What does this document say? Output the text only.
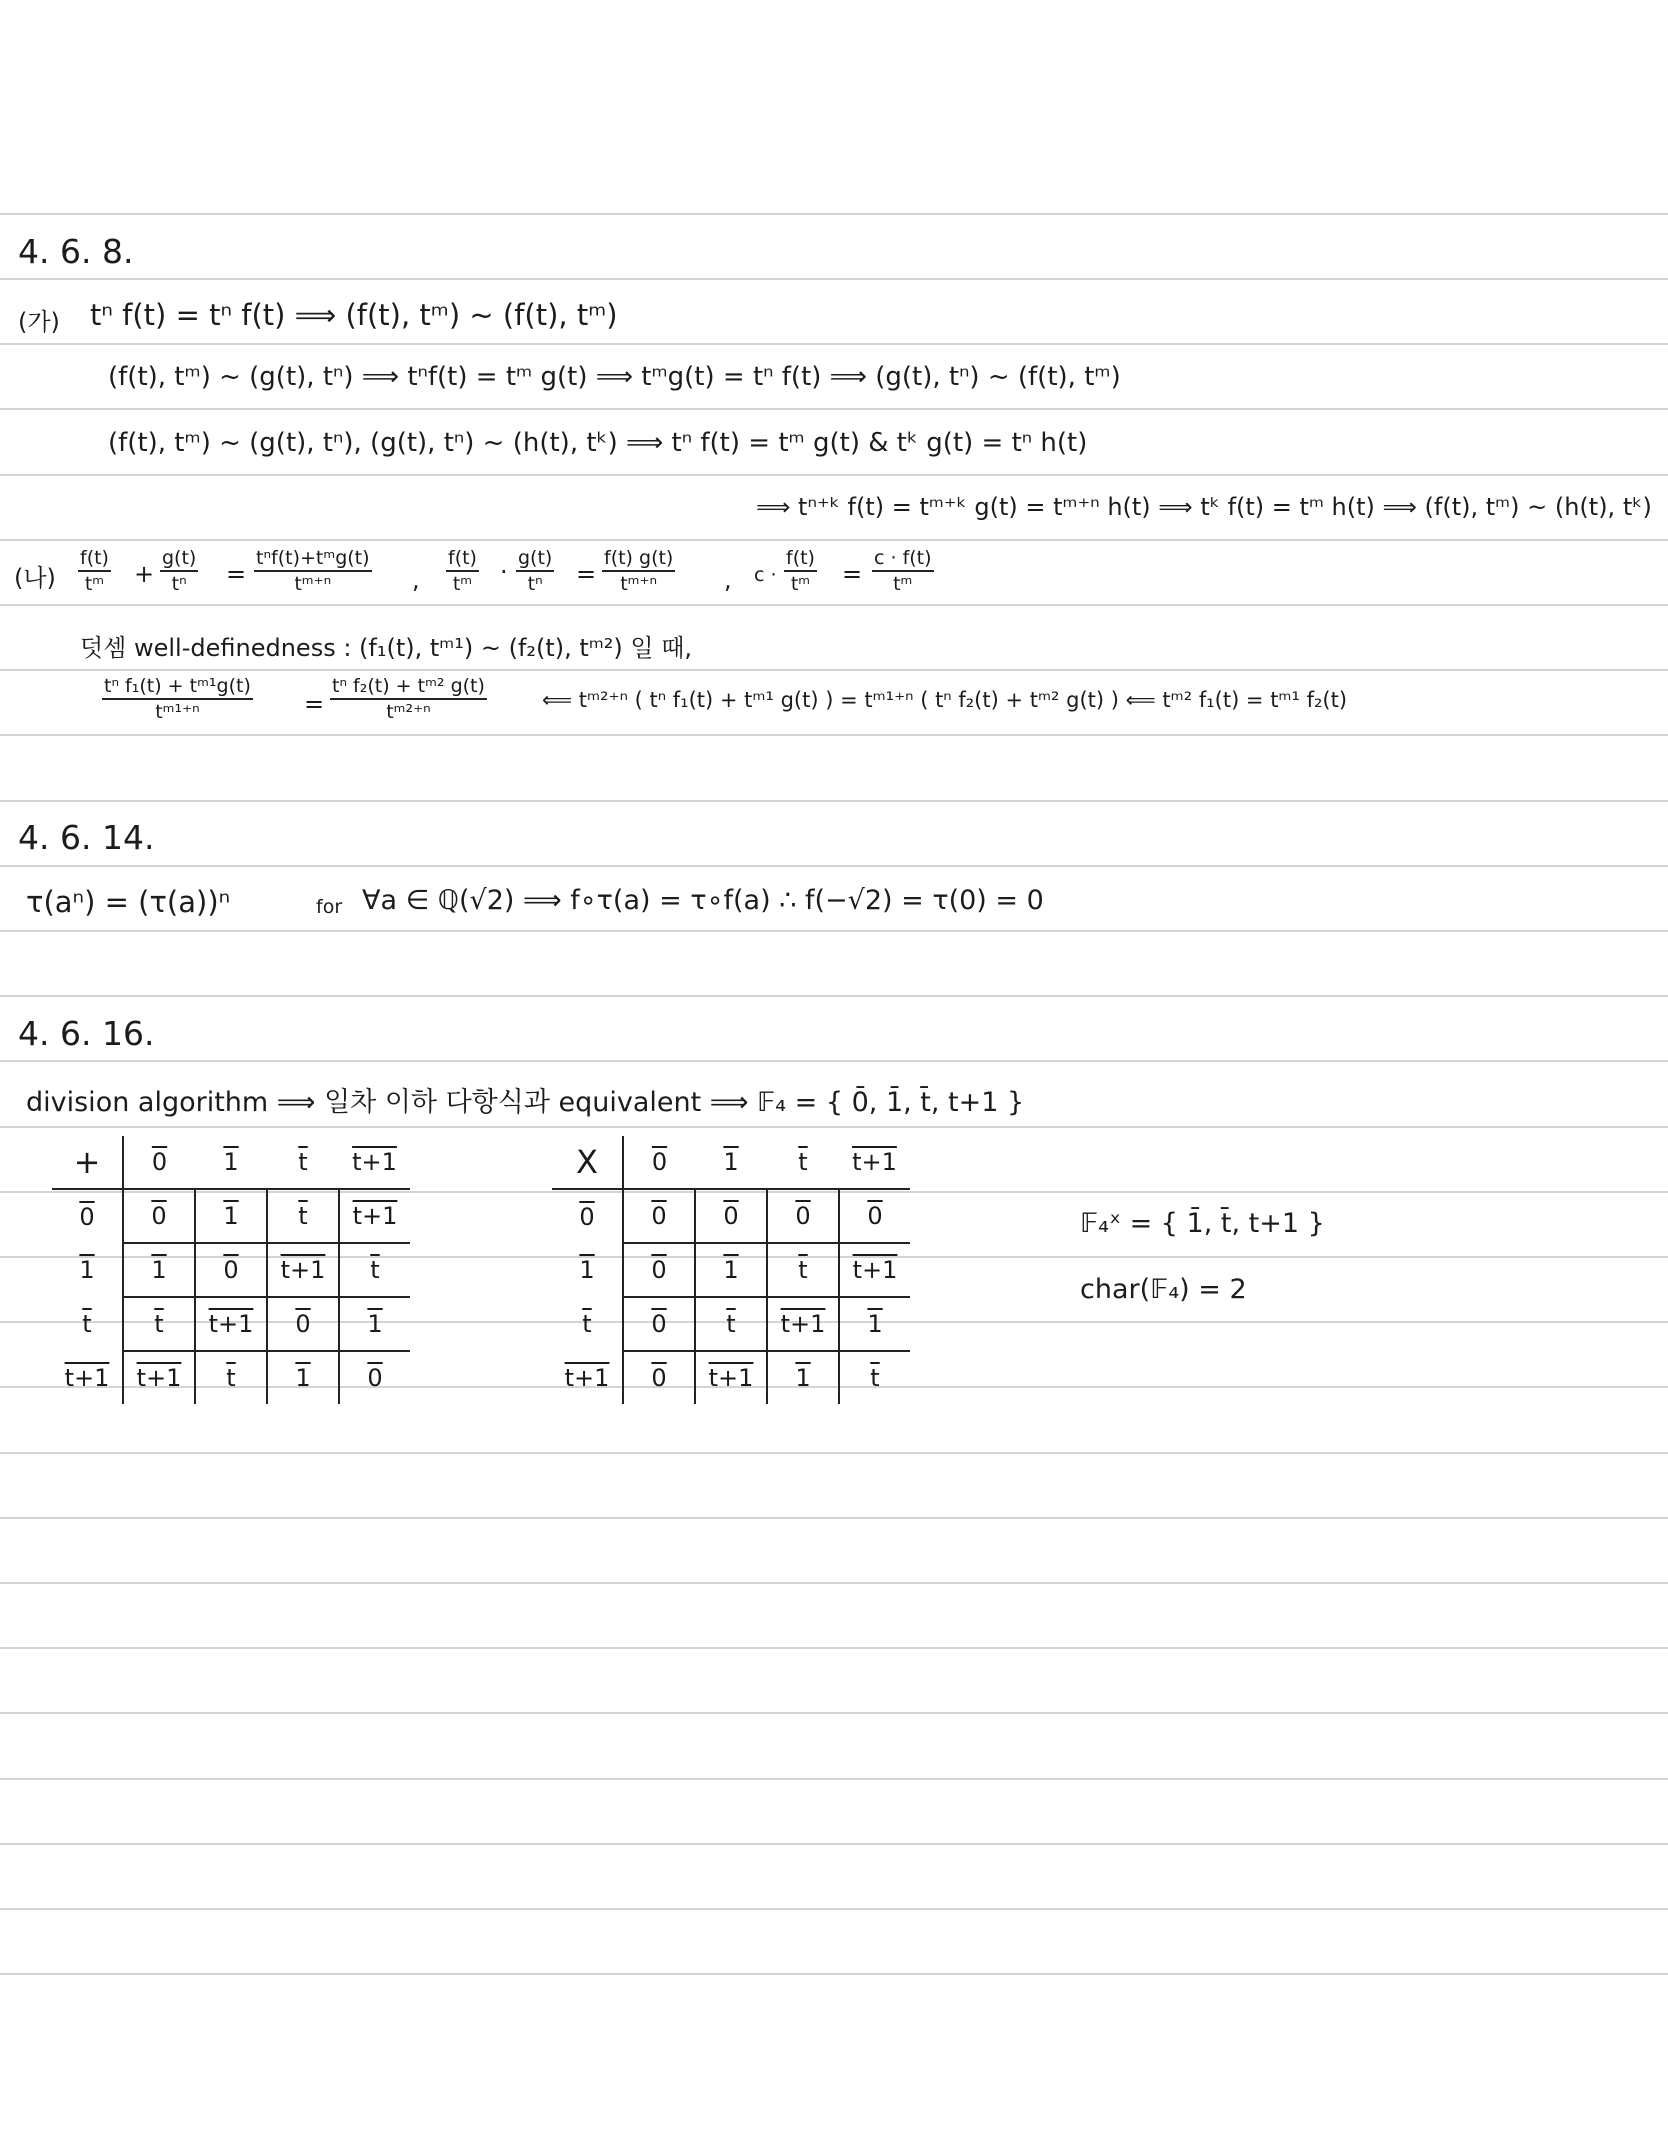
4. 6. 8.
(가) tⁿ f(t) = tⁿ f(t) ⟹ (f(t), tᵐ) ~ (f(t), tᵐ)
(f(t), tᵐ) ~ (g(t), tⁿ) ⟹ tⁿf(t) = tᵐ g(t) ⟹ tᵐg(t) = tⁿ f(t) ⟹ (g(t), tⁿ) ~ (f(t), tᵐ)
(f(t), tᵐ) ~ (g(t), tⁿ), (g(t), tⁿ) ~ (h(t), tᵏ) ⟹ tⁿ f(t) = tᵐ g(t) & tᵏ g(t) = tⁿ h(t)
⟹ tⁿ⁺ᵏ f(t) = tᵐ⁺ᵏ g(t) = tᵐ⁺ⁿ h(t) ⟹ tᵏ f(t) = tᵐ h(t) ⟹ (f(t), tᵐ) ~ (h(t), tᵏ)
(나) $\frac{f(t)}{\text{tᵐ}} + \frac{g(t)}{\text{tⁿ}}$ =
tⁿf(t)+tᵐg(t)
tᵐ⁺ⁿ	, $\frac{f(t)}{\text{tᵐ}} \cdot \frac{g(t)}{\text{tⁿ}} = \frac{f(t) g(t)}{\text{tᵐ⁺ⁿ}}$ , $c \cdot \frac{f(t)}{\text{tᵐ}} = \frac{c \cdot f(t)}{\text{tᵐ}}$
덧셈 well-definedness : (f₁(t), tᵐ¹) ~ (f₂(t), tᵐ²) 일 때,
$\frac{\text{tⁿ f₁(t) + tᵐ¹g(t)}}{\text{tᵐ¹⁺ⁿ}} = \frac{\text{tⁿ f₂(t) + tᵐ² g(t)}}{\text{tᵐ²⁺ⁿ}}$	⟸ tᵐ²⁺ⁿ ( tⁿ f₁(t) + tᵐ¹ g(t) ) = tᵐ¹⁺ⁿ ( tⁿ f₂(t) + tᵐ² g(t) ) ⟸ tᵐ² f₁(t) = tᵐ¹ f₂(t)
4. 6. 14.
τ(aⁿ) = (τ(a))ⁿ	for ∀a ∈ ℚ(√2) ⟹ f∘τ(a) = τ∘f(a) ∴ f(−√2) = τ(0) = 0
4. 6. 16.
division algorithm ⟹ 일차 이하 다항식과 equivalent ⟹ 𝔽₄ = { 0̄, 1̄, t̄, t+1 }
+	0	1	$\overline{t}$	t+1
0	0	1	$\overline{t}$	t+1
1	1	0	t+1	$\overline{t}$
$\overline{t}$	$\overline{t}$	t+1	0	1
t+1	t+1	$\overline{t}$	1	0
X	0	1	$\overline{t}$	t+1
0	0	0	0	0
1	0	1	$\overline{t}$	t+1
$\overline{t}$	0	$\overline{t}$	t+1	1
t+1	0	t+1	1	$\overline{t}$
𝔽₄ˣ = { 1̄, t̄, t+1 }
char(𝔽₄) = 2
